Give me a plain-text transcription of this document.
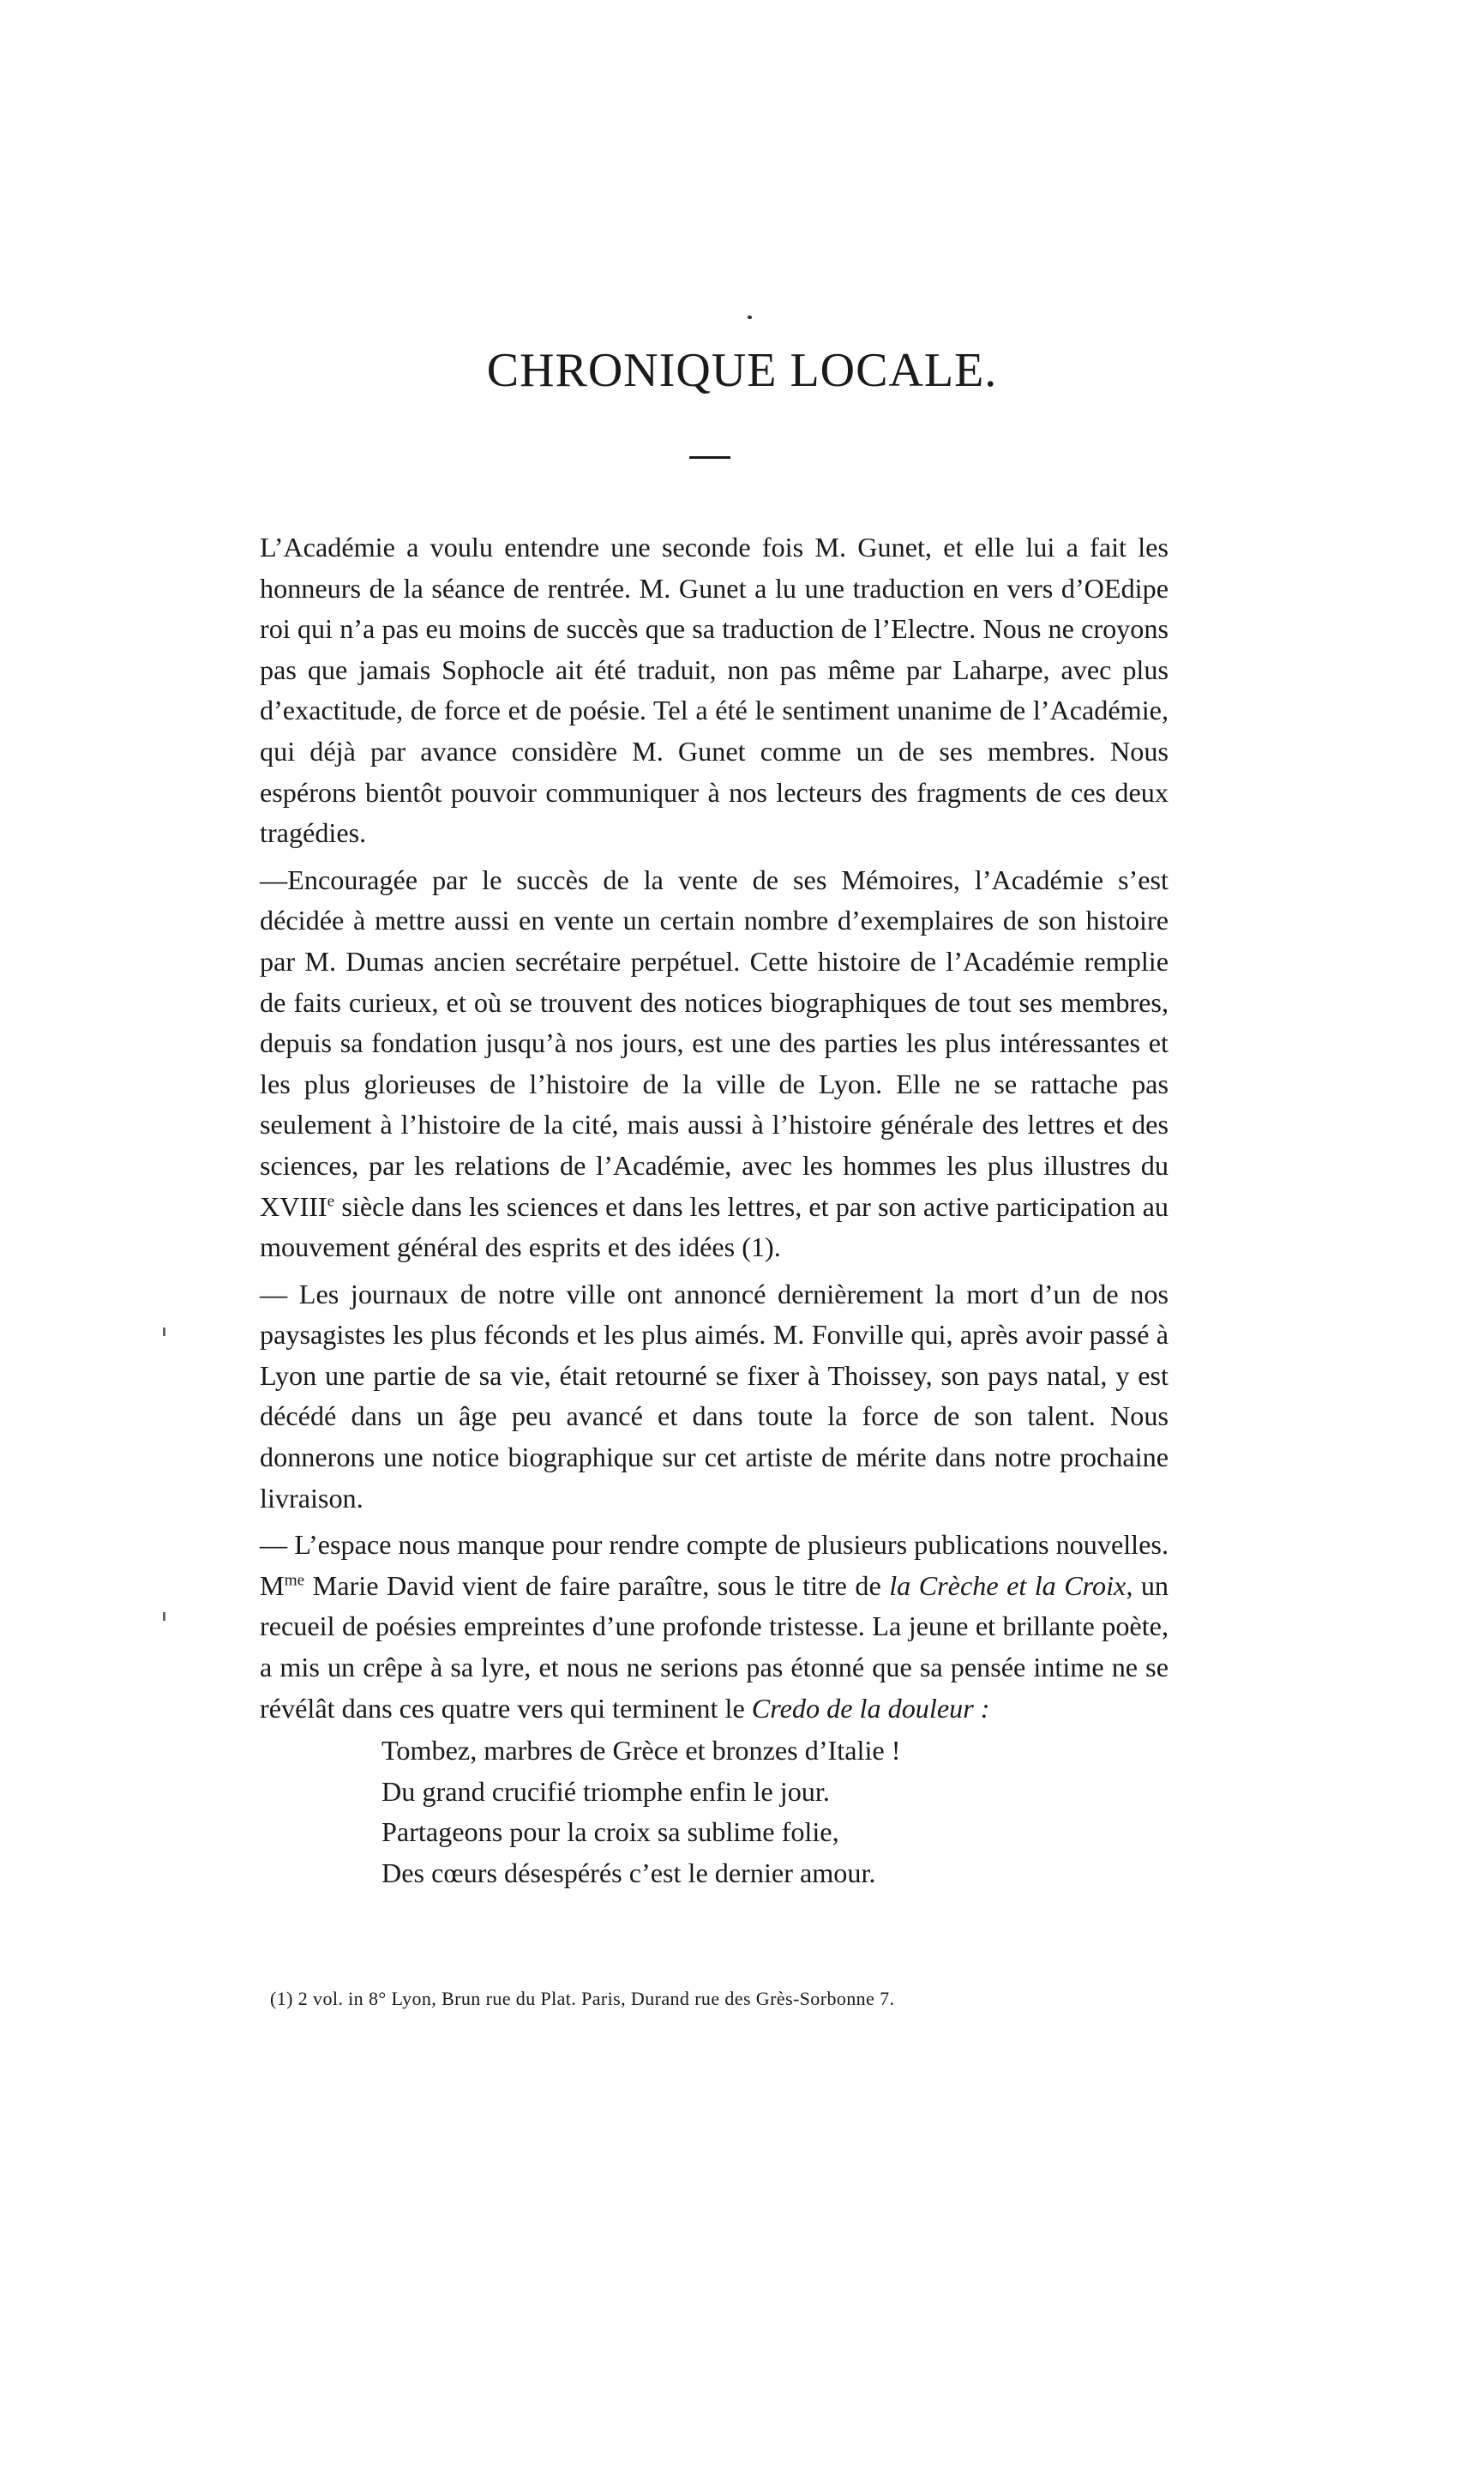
CHRONIQUE LOCALE.

L’Académie a voulu entendre une seconde fois M. Gunet, et elle lui a fait les honneurs de la séance de rentrée. M. Gunet a lu une traduction en vers d’OEdipe roi qui n’a pas eu moins de succès que sa traduction de l’Electre. Nous ne croyons pas que jamais Sophocle ait été traduit, non pas même par Laharpe, avec plus d’exactitude, de force et de poésie. Tel a été le sentiment unanime de l’Académie, qui déjà par avance considère M. Gunet comme un de ses membres. Nous espérons bientôt pouvoir communiquer à nos lecteurs des fragments de ces deux tragédies.

—Encouragée par le succès de la vente de ses Mémoires, l’Académie s’est décidée à mettre aussi en vente un certain nombre d’exemplaires de son histoire par M. Dumas ancien secrétaire perpétuel. Cette histoire de l’Académie remplie de faits curieux, et où se trouvent des notices biographiques de tout ses membres, depuis sa fondation jusqu’à nos jours, est une des parties les plus intéressantes et les plus glorieuses de l’histoire de la ville de Lyon. Elle ne se rattache pas seulement à l’histoire de la cité, mais aussi à l’histoire générale des lettres et des sciences, par les relations de l’Académie, avec les hommes les plus illustres du XVIIIe siècle dans les sciences et dans les lettres, et par son active participation au mouvement général des esprits et des idées (1).

— Les journaux de notre ville ont annoncé dernièrement la mort d’un de nos paysagistes les plus féconds et les plus aimés. M. Fonville qui, après avoir passé à Lyon une partie de sa vie, était retourné se fixer à Thoissey, son pays natal, y est décédé dans un âge peu avancé et dans toute la force de son talent. Nous donnerons une notice biographique sur cet artiste de mérite dans notre prochaine livraison.

— L’espace nous manque pour rendre compte de plusieurs publications nouvelles. $M^{me}$ Marie David vient de faire paraître, sous le titre de la Crèche et la Croix, un recueil de poésies empreintes d’une profonde tristesse. La jeune et brillante poète, a mis un crêpe à sa lyre, et nous ne serions pas étonné que sa pensée intime ne se révélât dans ces quatre vers qui terminent le Credo de la douleur :

Tombez, marbres de Grèce et bronzes d’Italie !
Du grand crucifié triomphe enfin le jour.
Partageons pour la croix sa sublime folie,
Des cœurs désespérés c’est le dernier amour.
(1) 2 vol. in 8° Lyon, Brun rue du Plat. Paris, Durand rue des Grès-Sorbonne 7.
